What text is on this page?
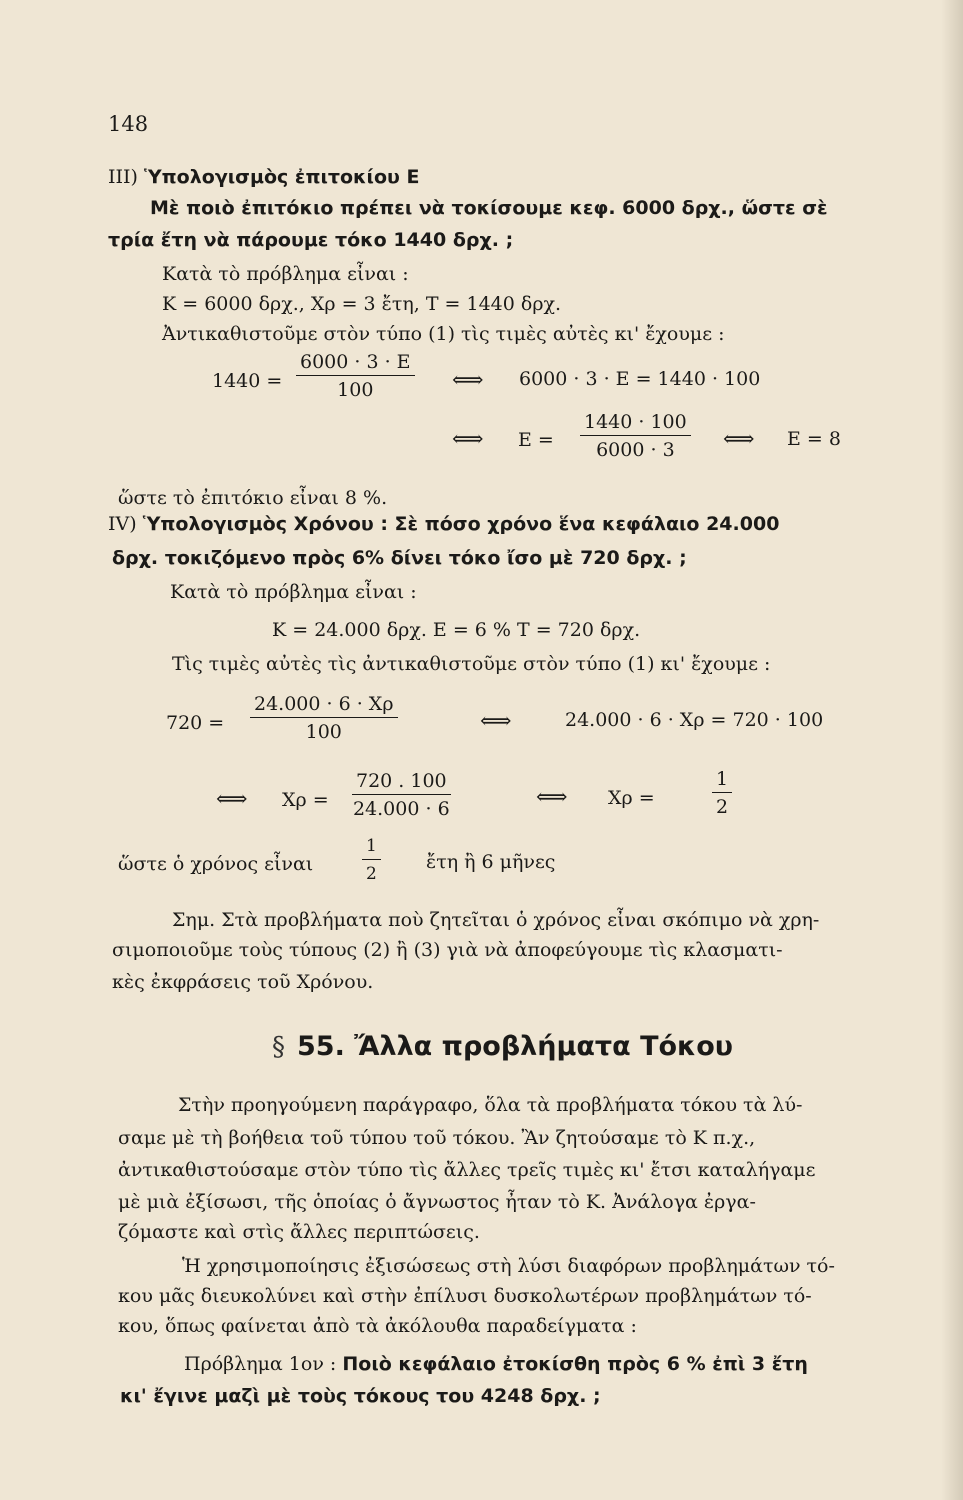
148
III) Ὑπολογισμὸς ἐπιτοκίου Ε
Μὲ ποιὸ ἐπιτόκιο πρέπει νὰ τοκίσουμε κεφ. 6000 δρχ., ὥστε σὲ
τρία ἔτη νὰ πάρουμε τόκο 1440 δρχ. ;
Κατὰ τὸ πρόβλημα εἶναι :
Κ = 6000 δρχ., Χρ = 3 ἔτη, Τ = 1440 δρχ.
Ἀντικαθιστοῦμε στὸν τύπο (1) τὶς τιμὲς αὐτὲς κι' ἔχουμε :
1440 =
6000 · 3 · Ε
100	⟺ 6000 · 3 · Ε = 1440 · 100
⟺ Ε =
1440 · 100
6000 · 3	⟺ Ε = 8
ὥστε τὸ ἐπιτόκιο εἶναι 8 %.
IV) Ὑπολογισμὸς Χρόνου : Σὲ πόσο χρόνο ἕνα κεφάλαιο 24.000
δρχ. τοκιζόμενο πρὸς 6% δίνει τόκο ἴσο μὲ 720 δρχ. ;
Κατὰ τὸ πρόβλημα εἶναι :
Κ = 24.000 δρχ. Ε = 6 % Τ = 720 δρχ.
Τὶς τιμὲς αὐτὲς τὶς ἀντικαθιστοῦμε στὸν τύπο (1) κι' ἔχουμε :
720 =
24.000 · 6 · Χρ
100	⟺	24.000 · 6 · Χρ = 720 · 100
⟺ Χρ =
720 . 100
24.000 · 6	⟺ Χρ =
1
2
ὥστε ὁ χρόνος εἶναι
1
2
ἔτη ἢ 6 μῆνες
Σημ. Στὰ προβλήματα ποὺ ζητεῖται ὁ χρόνος εἶναι σκόπιμο νὰ χρη-
σιμοποιοῦμε τοὺς τύπους (2) ἢ (3) γιὰ νὰ ἀποφεύγουμε τὶς κλασματι-
κὲς ἐκφράσεις τοῦ Χρόνου.
§ 55. Ἄλλα προβλήματα Τόκου
Στὴν προηγούμενη παράγραφο, ὅλα τὰ προβλήματα τόκου τὰ λύ-
σαμε μὲ τὴ βοήθεια τοῦ τύπου τοῦ τόκου. Ἂν ζητούσαμε τὸ Κ π.χ.,
ἀντικαθιστούσαμε στὸν τύπο τὶς ἄλλες τρεῖς τιμὲς κι' ἔτσι καταλήγαμε
μὲ μιὰ ἐξίσωσι, τῆς ὁποίας ὁ ἄγνωστος ἦταν τὸ Κ. Ἀνάλογα ἐργα-
ζόμαστε καὶ στὶς ἄλλες περιπτώσεις.
Ἡ χρησιμοποίησις ἐξισώσεως στὴ λύσι διαφόρων προβλημάτων τό-
κου μᾶς διευκολύνει καὶ στὴν ἐπίλυσι δυσκολωτέρων προβλημάτων τό-
κου, ὅπως φαίνεται ἀπὸ τὰ ἀκόλουθα παραδείγματα :
Πρόβλημα 1ον : Ποιὸ κεφάλαιο ἐτοκίσθη πρὸς 6 % ἐπὶ 3 ἔτη
κι' ἔγινε μαζὶ μὲ τοὺς τόκους του 4248 δρχ. ;
